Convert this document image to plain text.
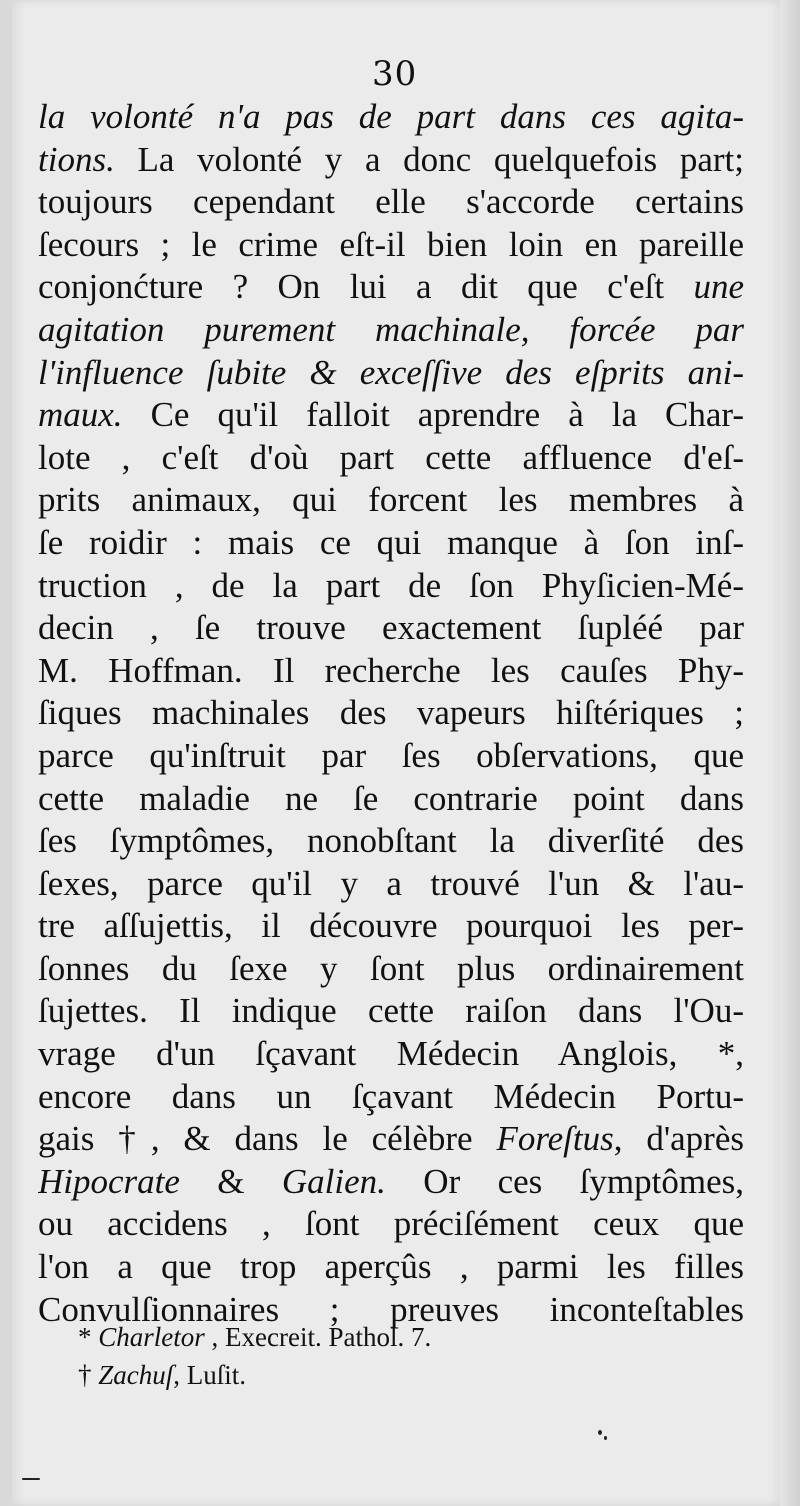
30
la volonté n'a pas de part dans ces agita-
tions. La volonté y a donc quelquefois part;
toujours cependant elle s'accorde certains
ſecours ; le crime eſt-il bien loin en pareille
conjonćture ? On lui a dit que c'eſt une
agitation purement machinale, forcée par
l'influence ſubite & exceſſive des eſprits ani-
maux. Ce qu'il falloit aprendre à la Char-
lote , c'eſt d'où part cette affluence d'eſ-
prits animaux, qui forcent les membres à
ſe roidir : mais ce qui manque à ſon inſ-
truction , de la part de ſon Phyſicien-Mé-
decin , ſe trouve exactement ſupléé par
M. Hoffman. Il recherche les cauſes Phy-
ſiques machinales des vapeurs hiſtériques ;
parce qu'inſtruit par ſes obſervations, que
cette maladie ne ſe contrarie point dans
ſes ſymptômes, nonobſtant la diverſité des
ſexes, parce qu'il y a trouvé l'un & l'au-
tre aſſujettis, il découvre pourquoi les per-
ſonnes du ſexe y ſont plus ordinairement
ſujettes. Il indique cette raiſon dans l'Ou-
vrage d'un ſçavant Médecin Anglois, *,
encore dans un ſçavant Médecin Portu-
gais †, & dans le célèbre Foreſtus, d'après
Hipocrate & Galien. Or ces ſymptômes,
ou accidens , ſont préciſément ceux que
l'on a que trop aperçûs , parmi les filles
Convulſionnaires ; preuves inconteſtables
* Charletor , Execreit. Pathol. 7.
† Zachuſ, Luſit.
